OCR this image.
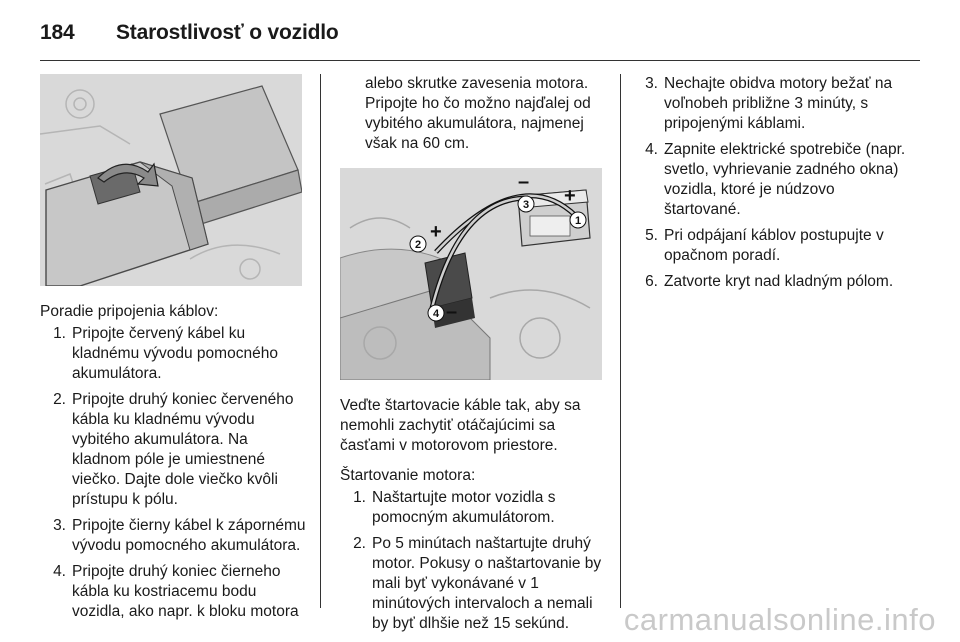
184	Starostlivosť o vozidlo

Poradie pripojenia káblov:

1. Pripojte červený kábel ku kladnému vývodu pomocného akumulátora.
2. Pripojte druhý koniec červeného kábla ku kladnému vývodu vybitého akumulátora. Na kladnom póle je umiestnené viečko. Dajte dole viečko kvôli prístupu k pólu.
3. Pripojte čierny kábel k zápornému vývodu pomocného akumulátora.
4. Pripojte druhý koniec čierneho kábla ku kostriacemu bodu vozidla, ako napr. k bloku motora

alebo skrutke zavesenia motora. Pripojte ho čo možno najďalej od vybitého akumulátora, najmenej však na 60 cm.

1
2
3
4
+
+
–
–

Veďte štartovacie káble tak, aby sa nemohli zachytiť otáčajúcimi sa časťami v motorovom priestore.

Štartovanie motora:

1. Naštartujte motor vozidla s pomocným akumulátorom.
2. Po 5 minútach naštartujte druhý motor. Pokusy o naštartovanie by mali byť vykonávané v 1 minútových intervaloch a nemali by byť dlhšie než 15 sekúnd.
3. Nechajte obidva motory bežať na voľnobeh približne 3 minúty, s pripojenými káblami.
4. Zapnite elektrické spotrebiče (napr. svetlo, vyhrievanie zadného okna) vozidla, ktoré je núdzovo štartované.
5. Pri odpájaní káblov postupujte v opačnom poradí.
6. Zatvorte kryt nad kladným pólom.
carmanualsonline.info
